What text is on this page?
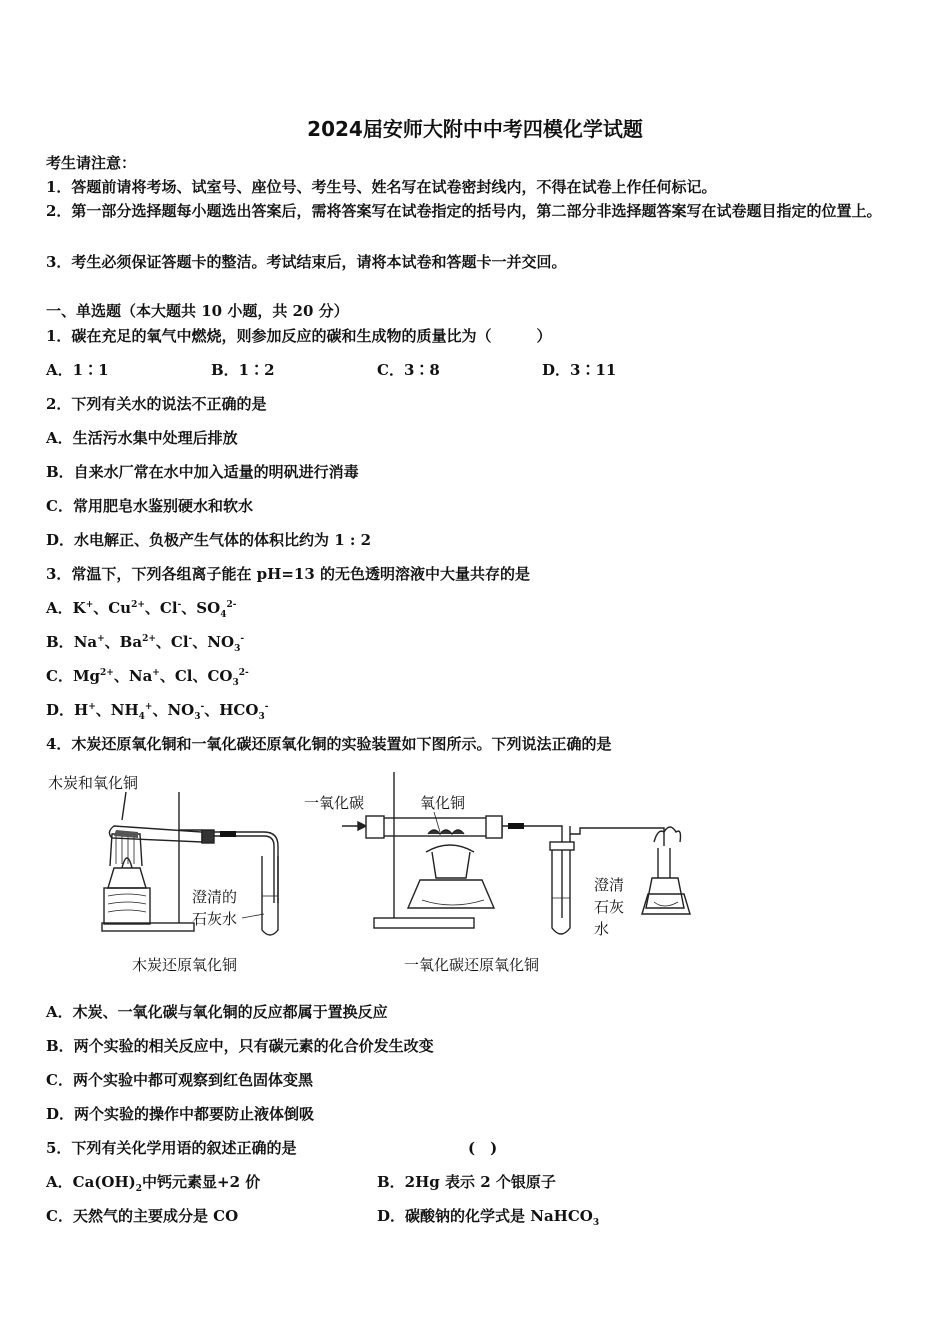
2024届安师大附中中考四模化学试题
考生请注意：
1．答题前请将考场、试室号、座位号、考生号、姓名写在试卷密封线内，不得在试卷上作任何标记。
2．第一部分选择题每小题选出答案后，需将答案写在试卷指定的括号内，第二部分非选择题答案写在试卷题目指定的位置上。
3．考生必须保证答题卡的整洁。考试结束后，请将本试卷和答题卡一并交回。
一、单选题（本大题共 10 小题，共 20 分）
1．碳在充足的氧气中燃烧，则参加反应的碳和生成物的质量比为（　　　）
A．1∶1	B．1∶2	C．3∶8	D．3∶11
2．下列有关水的说法不正确的是
A．生活污水集中处理后排放
B．自来水厂常在水中加入适量的明矾进行消毒
C．常用肥皂水鉴别硬水和软水
D．水电解正、负极产生气体的体积比约为 1 : 2
3．常温下，下列各组离子能在 pH=13 的无色透明溶液中大量共存的是
A．K+、$Cu^{2+}$、Cl-、$SO_4^{2-}$
B．Na+、$Ba^{2+}$、Cl-、$NO_3^-$
C．$Mg^{2+}$、Na+、Cl、$CO_3^{2-}$
D．H+、$NH_4^+$、$NO_3^-$、$HCO_3^-$
4．木炭还原氧化铜和一氧化碳还原氧化铜的实验装置如下图所示。下列说法正确的是
木炭和氧化铜
澄清的
石灰水
木炭还原氧化铜
一氧化碳	氧化铜
澄清
石灰
水
一氧化碳还原氧化铜
A．木炭、一氧化碳与氧化铜的反应都属于置换反应
B．两个实验的相关反应中，只有碳元素的化合价发生改变
C．两个实验中都可观察到红色固体变黑
D．两个实验的操作中都要防止液体倒吸
5．下列有关化学用语的叙述正确的是	(　)
A．$Ca(OH)_2$中钙元素显+2 价	B．2Hg 表示 2 个银原子
C．天然气的主要成分是 CO	D．碳酸钠的化学式是 NaHCO$_3$
